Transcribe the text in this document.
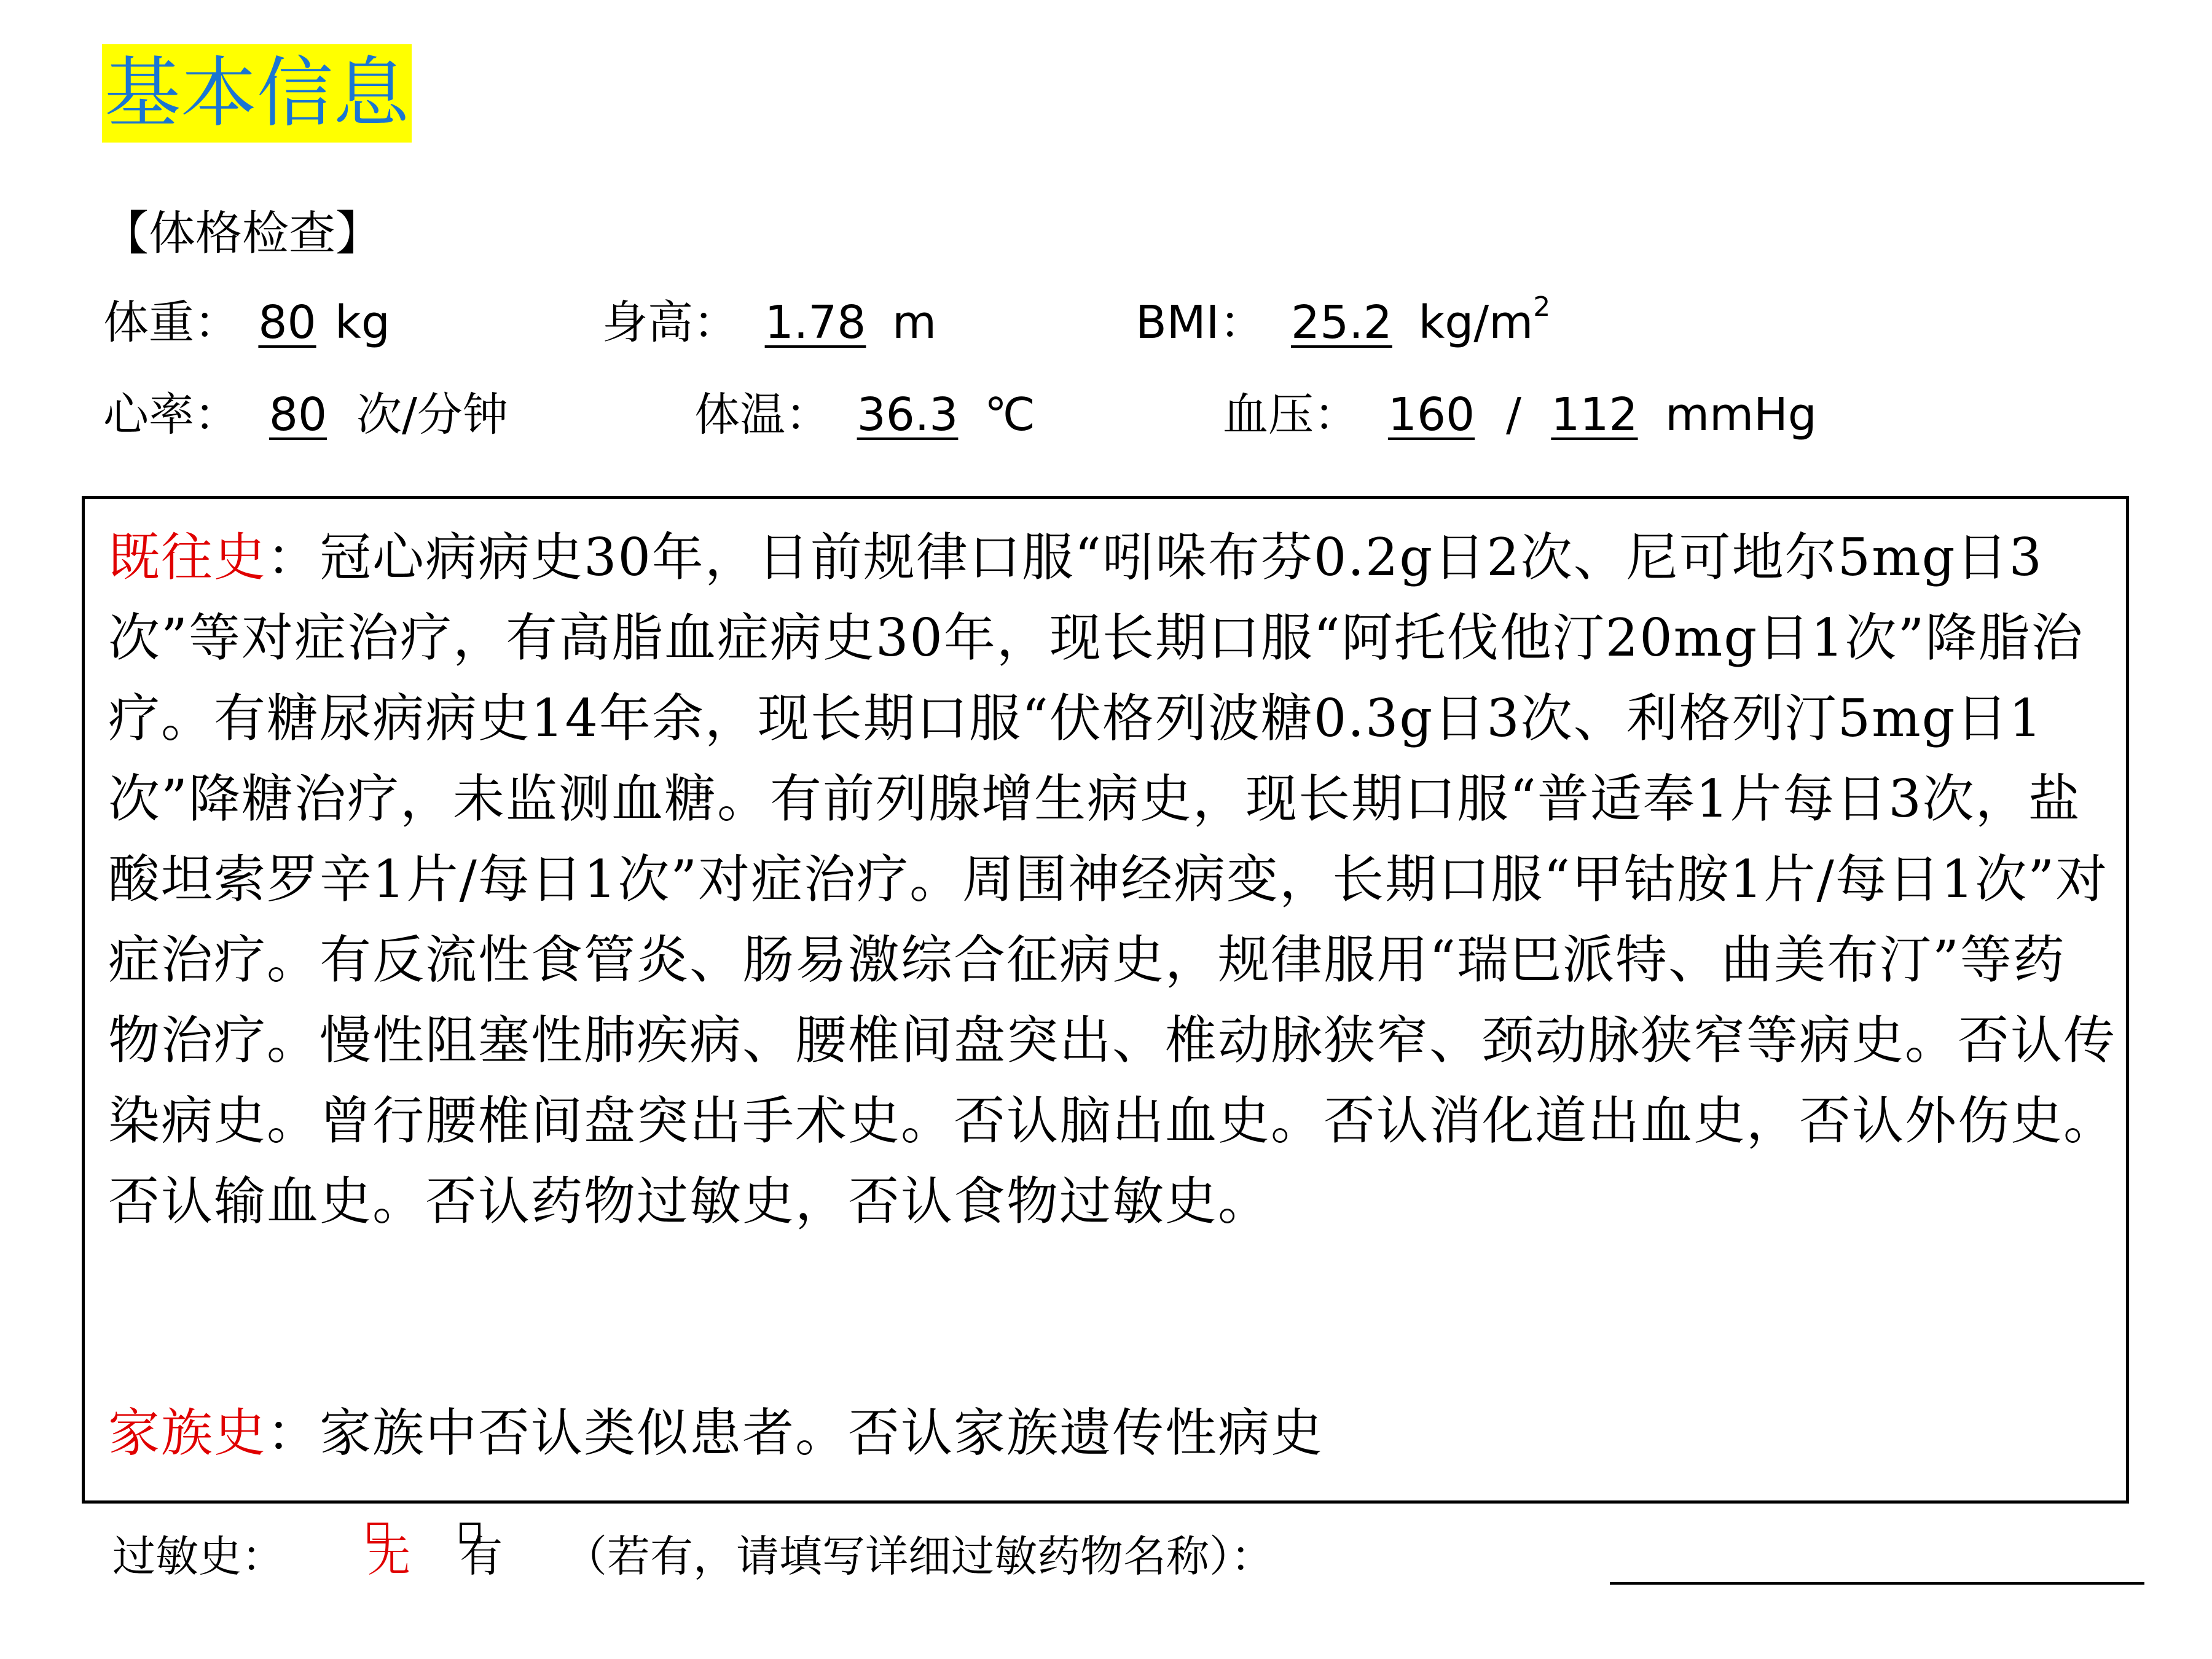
基本信息
【体格检查】
体重： 80 kg	身高： 1.78 m	BMI： 25.2 $kg/m^2$
心率： 80 次/分钟	体温： 36.3 ℃	血压： 160 / 112 mmHg
既往史：冠心病病史30年，日前规律口服“吲哚布芬0.2g日2次、尼可地尔5mg日3次”等对症治疗，有高脂血症病史30年，现长期口服“阿托伐他汀20mg日1次”降脂治疗。有糖尿病病史14年余，现长期口服“伏格列波糖0.3g日3次、利格列汀5mg日1次”降糖治疗，未监测血糖。有前列腺增生病史，现长期口服“普适奉1片每日3次，盐酸坦索罗辛1片/每日1次”对症治疗。周围神经病变，长期口服“甲钴胺1片/每日1次”对症治疗。有反流性食管炎、肠易激综合征病史，规律服用“瑞巴派特、曲美布汀”等药物治疗。慢性阻塞性肺疾病、腰椎间盘突出、椎动脉狭窄、颈动脉狭窄等病史。否认传染病史。曾行腰椎间盘突出手术史。否认脑出血史。否认消化道出血史，否认外伤史。否认输血史。否认药物过敏史，否认食物过敏史。
家族史：家族中否认类似患者。否认家族遗传性病史
过敏史： 无 有 （若有，请填写详细过敏药物名称）：
